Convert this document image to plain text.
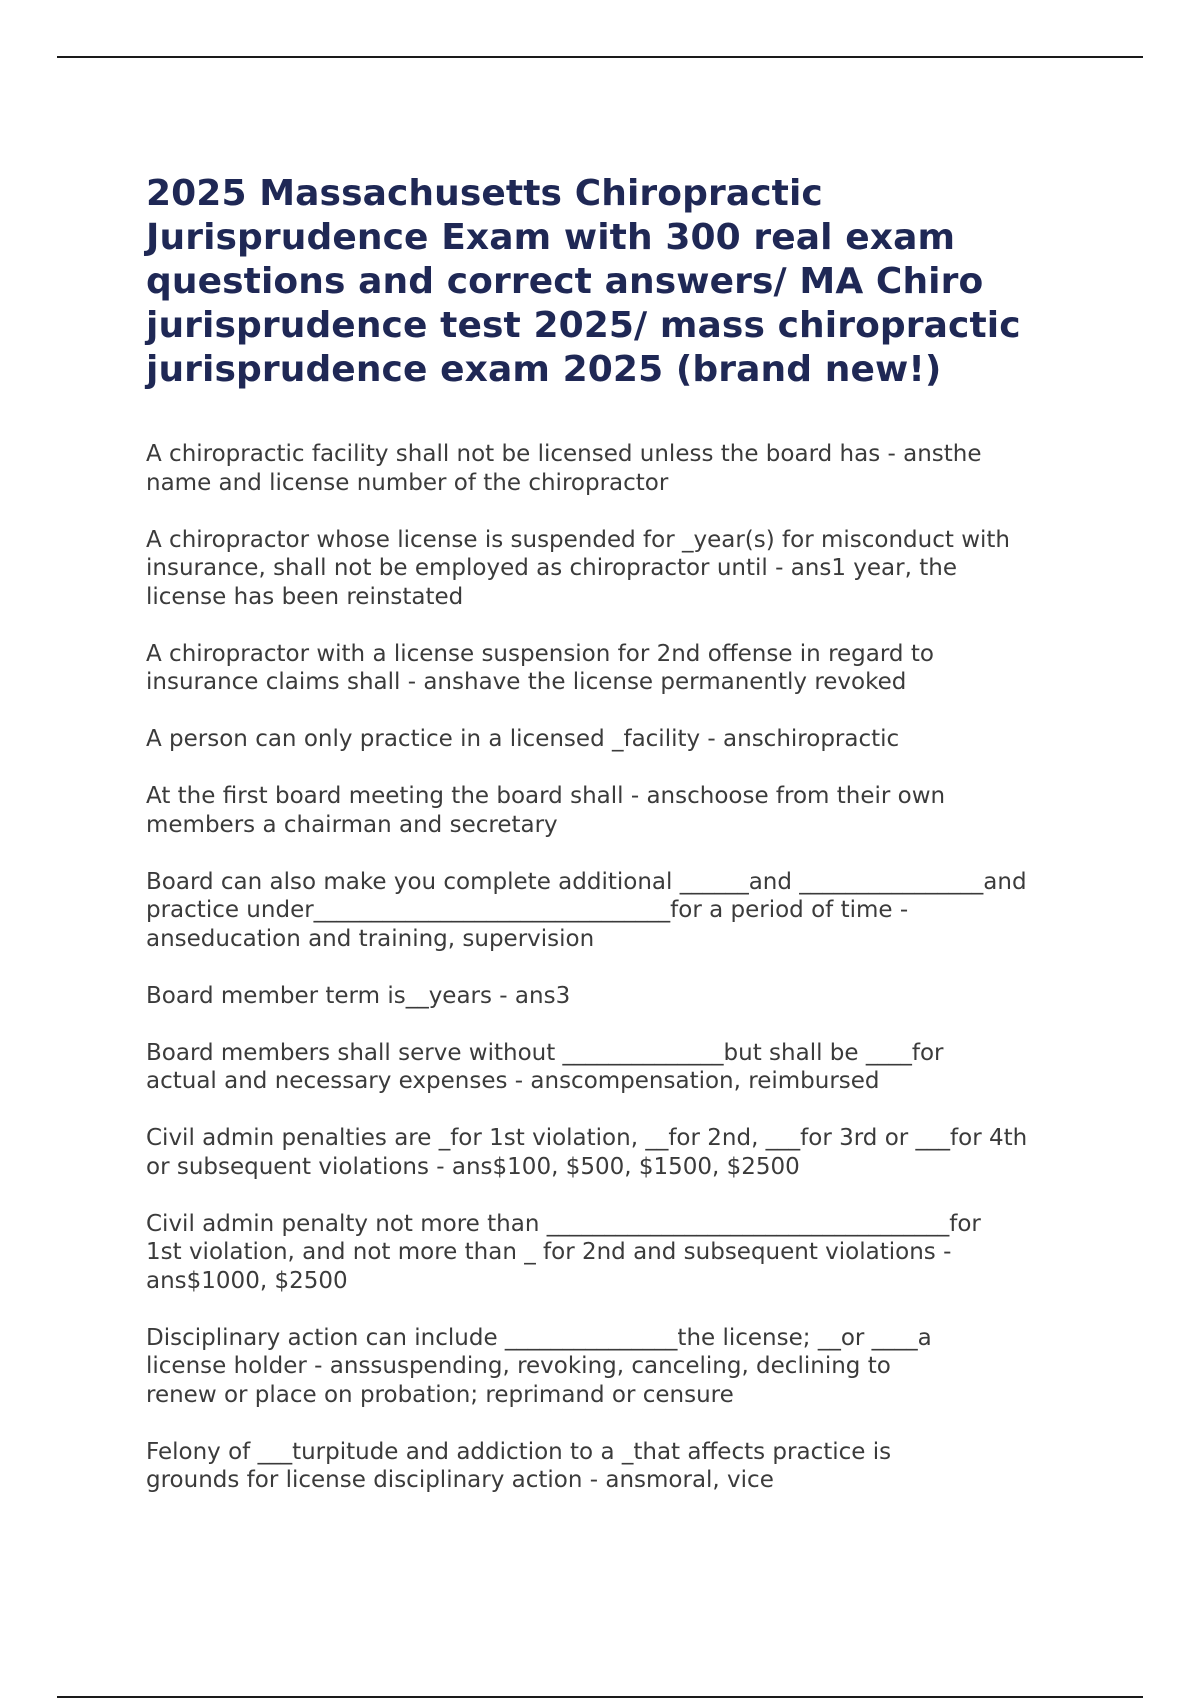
2025 Massachusetts Chiropractic Jurisprudence Exam with 300 real exam questions and correct answers/ MA Chiro jurisprudence test 2025/ mass chiropractic jurisprudence exam 2025 (brand new!)

A chiropractic facility shall not be licensed unless the board has - ansthe
name and license number of the chiropractor

A chiropractor whose license is suspended for _year(s) for misconduct with
insurance, shall not be employed as chiropractor until - ans1 year, the
license has been reinstated

A chiropractor with a license suspension for 2nd offense in regard to
insurance claims shall - anshave the license permanently revoked

A person can only practice in a licensed _facility - anschiropractic

At the first board meeting the board shall - anschoose from their own
members a chairman and secretary

Board can also make you complete additional ______and ________________and
practice under_______________________________for a period of time -
anseducation and training, supervision

Board member term is__years - ans3

Board members shall serve without ______________but shall be ____for
actual and necessary expenses - anscompensation, reimbursed

Civil admin penalties are _for 1st violation, __for 2nd, ___for 3rd or ___for 4th
or subsequent violations - ans$100, $500, $1500, $2500

Civil admin penalty not more than ___________________________________for
1st violation, and not more than _ for 2nd and subsequent violations -
ans$1000, $2500

Disciplinary action can include _______________the license; __or ____a
license holder - anssuspending, revoking, canceling, declining to
renew or place on probation; reprimand or censure

Felony of ___turpitude and addiction to a _that affects practice is
grounds for license disciplinary action - ansmoral, vice
